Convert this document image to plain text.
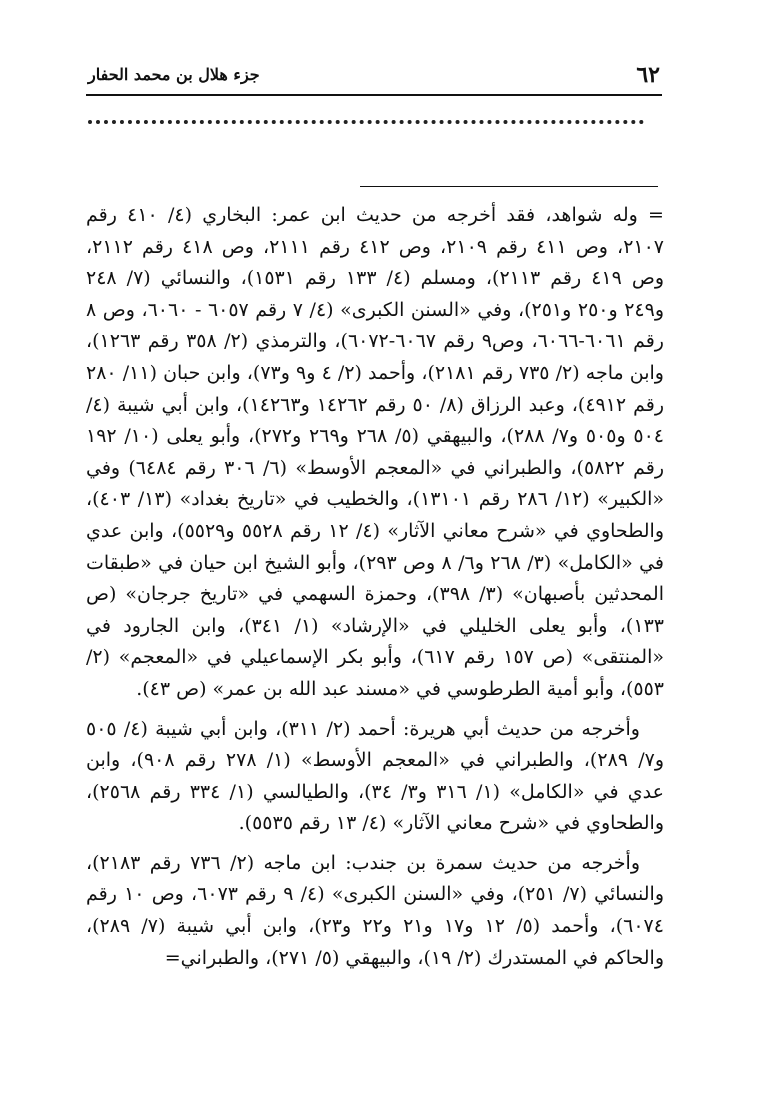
٦٢
جزء هلال بن محمد الحفار

= وله شواهد، فقد أخرجه من حديث ابن عمر: البخاري (٤/ ٤١٠ رقم ٢١٠٧، وص ٤١١ رقم ٢١٠٩، وص ٤١٢ رقم ٢١١١، وص ٤١٨ رقم ٢١١٢، وص ٤١٩ رقم ٢١١٣)، ومسلم (٤/ ١٣٣ رقم ١٥٣١)، والنسائي (٧/ ٢٤٨ و٢٤٩ و٢٥٠ و٢٥١)، وفي «السنن الكبرى» (٤/ ٧ رقم ٦٠٥٧ - ٦٠٦٠، وص ٨ رقم ٦٠٦١-٦٠٦٦، وص٩ رقم ٦٠٦٧-٦٠٧٢)، والترمذي (٢/ ٣٥٨ رقم ١٢٦٣)، وابن ماجه (٢/ ٧٣٥ رقم ٢١٨١)، وأحمد (٢/ ٤ و٩ و٧٣)، وابن حبان (١١/ ٢٨٠ رقم ٤٩١٢)، وعبد الرزاق (٨/ ٥٠ رقم ١٤٢٦٢ و١٤٢٦٣)، وابن أبي شيبة (٤/ ٥٠٤ و٥٠٥ و٧/ ٢٨٨)، والبيهقي (٥/ ٢٦٨ و٢٦٩ و٢٧٢)، وأبو يعلى (١٠/ ١٩٢ رقم ٥٨٢٢)، والطبراني في «المعجم الأوسط» (٦/ ٣٠٦ رقم ٦٤٨٤) وفي «الكبير» (١٢/ ٢٨٦ رقم ١٣١٠١)، والخطيب في «تاريخ بغداد» (١٣/ ٤٠٣)، والطحاوي في «شرح معاني الآثار» (٤/ ١٢ رقم ٥٥٢٨ و٥٥٢٩)، وابن عدي في «الكامل» (٣/ ٢٦٨ و٦/ ٨ وص ٢٩٣)، وأبو الشيخ ابن حيان في «طبقات المحدثين بأصبهان» (٣/ ٣٩٨)، وحمزة السهمي في «تاريخ جرجان» (ص ١٣٣)، وأبو يعلى الخليلي في «الإرشاد» (١/ ٣٤١)، وابن الجارود في «المنتقى» (ص ١٥٧ رقم ٦١٧)، وأبو بكر الإسماعيلي في «المعجم» (٢/ ٥٥٣)، وأبو أمية الطرطوسي في «مسند عبد الله بن عمر» (ص ٤٣).

وأخرجه من حديث أبي هريرة: أحمد (٢/ ٣١١)، وابن أبي شيبة (٤/ ٥٠٥ و٧/ ٢٨٩)، والطبراني في «المعجم الأوسط» (١/ ٢٧٨ رقم ٩٠٨)، وابن عدي في «الكامل» (١/ ٣١٦ و٣/ ٣٤)، والطيالسي (١/ ٣٣٤ رقم ٢٥٦٨)، والطحاوي في «شرح معاني الآثار» (٤/ ١٣ رقم ٥٥٣٥).

وأخرجه من حديث سمرة بن جندب: ابن ماجه (٢/ ٧٣٦ رقم ٢١٨٣)، والنسائي (٧/ ٢٥١)، وفي «السنن الكبرى» (٤/ ٩ رقم ٦٠٧٣، وص ١٠ رقم ٦٠٧٤)، وأحمد (٥/ ١٢ و١٧ و٢١ و٢٢ و٢٣)، وابن أبي شيبة (٧/ ٢٨٩)، والحاكم في المستدرك (٢/ ١٩)، والبيهقي (٥/ ٢٧١)، والطبراني=
